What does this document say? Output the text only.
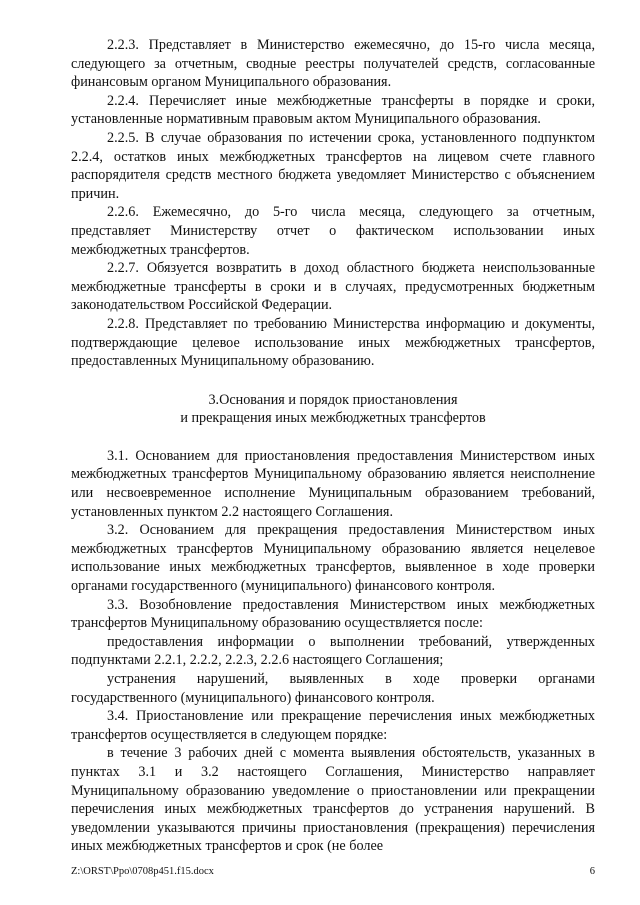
2.2.3. Представляет в Министерство ежемесячно, до 15-го числа месяца, следующего за отчетным, сводные реестры получателей средств, согласованные финансовым органом Муниципального образования.

2.2.4. Перечисляет иные межбюджетные трансферты в порядке и сроки, установленные нормативным правовым актом Муниципального образования.

2.2.5. В случае образования по истечении срока, установленного подпунктом 2.2.4, остатков иных межбюджетных трансфертов на лицевом счете главного распорядителя средств местного бюджета уведомляет Министерство с объяснением причин.

2.2.6. Ежемесячно, до 5-го числа месяца, следующего за отчетным, представляет Министерству отчет о фактическом использовании иных межбюджетных трансфертов.

2.2.7. Обязуется возвратить в доход областного бюджета неиспользованные межбюджетные трансферты в сроки и в случаях, предусмотренных бюджетным законодательством Российской Федерации.

2.2.8. Представляет по требованию Министерства информацию и документы, подтверждающие целевое использование иных межбюджетных трансфертов, предоставленных Муниципальному образованию.

3.Основания и порядок приостановления
и прекращения иных межбюджетных трансфертов

3.1. Основанием для приостановления предоставления Министерством иных межбюджетных трансфертов Муниципальному образованию является неисполнение или несвоевременное исполнение Муниципальным образованием требований, установленных пунктом 2.2 настоящего Соглашения.

3.2. Основанием для прекращения предоставления Министерством иных межбюджетных трансфертов Муниципальному образованию является нецелевое использование иных межбюджетных трансфертов, выявленное в ходе проверки органами государственного (муниципального) финансового контроля.

3.3. Возобновление предоставления Министерством иных межбюджетных трансфертов Муниципальному образованию осуществляется после:

предоставления информации о выполнении требований, утвержденных подпунктами 2.2.1, 2.2.2, 2.2.3, 2.2.6 настоящего Соглашения;

устранения нарушений, выявленных в ходе проверки органами государственного (муниципального) финансового контроля.

3.4. Приостановление или прекращение перечисления иных межбюджетных трансфертов осуществляется в следующем порядке:

в течение 3 рабочих дней с момента выявления обстоятельств, указанных в пунктах 3.1 и 3.2 настоящего Соглашения, Министерство направляет Муниципальному образованию уведомление о приостановлении или прекращении перечисления иных межбюджетных трансфертов до устранения нарушений. В уведомлении указываются причины приостановления (прекращения) перечисления иных межбюджетных трансфертов и срок (не более

Z:\ORST\Ppo\0708p451.f15.docx	6
